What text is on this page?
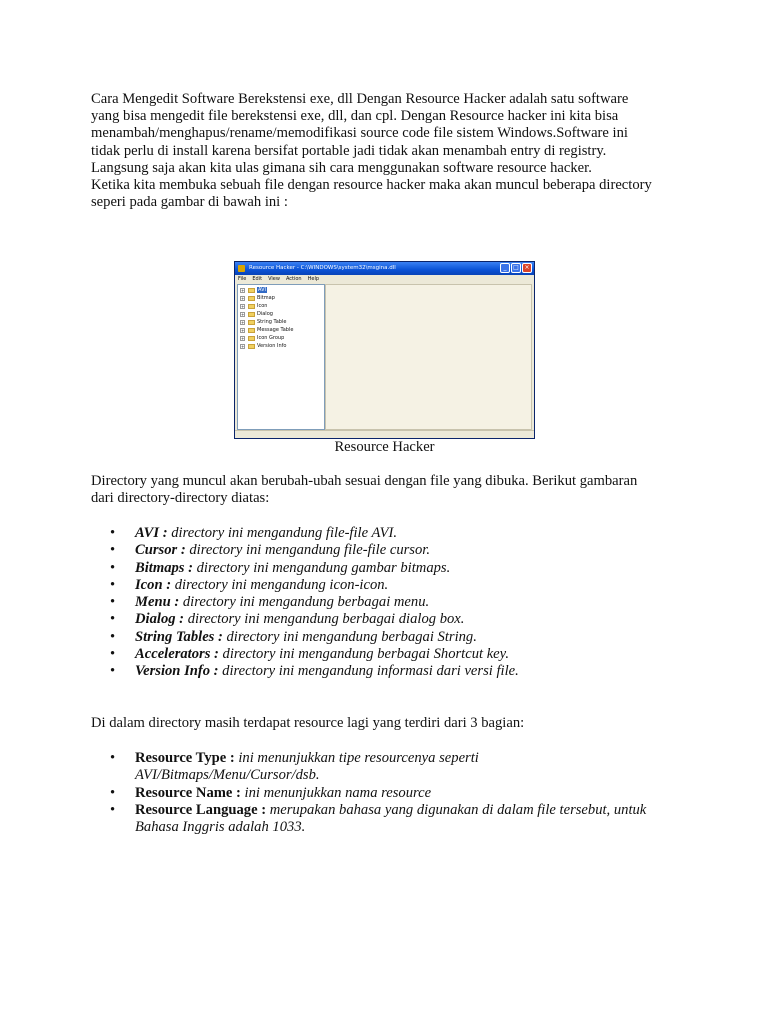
Cara Mengedit Software Berekstensi exe, dll Dengan Resource Hacker adalah satu software
yang bisa mengedit file berekstensi exe, dll, dan cpl. Dengan Resource hacker ini kita bisa
menambah/menghapus/rename/memodifikasi source code file sistem Windows.Software ini
tidak perlu di install karena bersifat portable jadi tidak akan menambah entry di registry.
Langsung saja akan kita ulas gimana sih cara menggunakan software resource hacker.
Ketika kita membuka sebuah file dengan resource hacker maka akan muncul beberapa directory
seperi pada gambar di bawah ini :

Resource Hacker - C:\WINDOWS\system32\msgina.dll	_	□ ×
File Edit View Action Help
+	AVI
+	Bitmap
+	Icon
+	Dialog
+	String Table
+	Message Table
+	Icon Group
+	Version Info
Resource Hacker

Directory yang muncul akan berubah-ubah sesuai dengan file yang dibuka. Berikut gambaran
dari directory-directory diatas:

• AVI : directory ini mengandung file-file AVI.
• Cursor : directory ini mengandung file-file cursor.
• Bitmaps : directory ini mengandung gambar bitmaps.
• Icon : directory ini mengandung icon-icon.
• Menu : directory ini mengandung berbagai menu.
• Dialog : directory ini mengandung berbagai dialog box.
• String Tables : directory ini mengandung berbagai String.
• Accelerators : directory ini mengandung berbagai Shortcut key.
• Version Info : directory ini mengandung informasi dari versi file.

Di dalam directory masih terdapat resource lagi yang terdiri dari 3 bagian:

• Resource Type : ini menunjukkan tipe resourcenya seperti
AVI/Bitmaps/Menu/Cursor/dsb.
• Resource Name : ini menunjukkan nama resource
• Resource Language : merupakan bahasa yang digunakan di dalam file tersebut, untuk
Bahasa Inggris adalah 1033.
